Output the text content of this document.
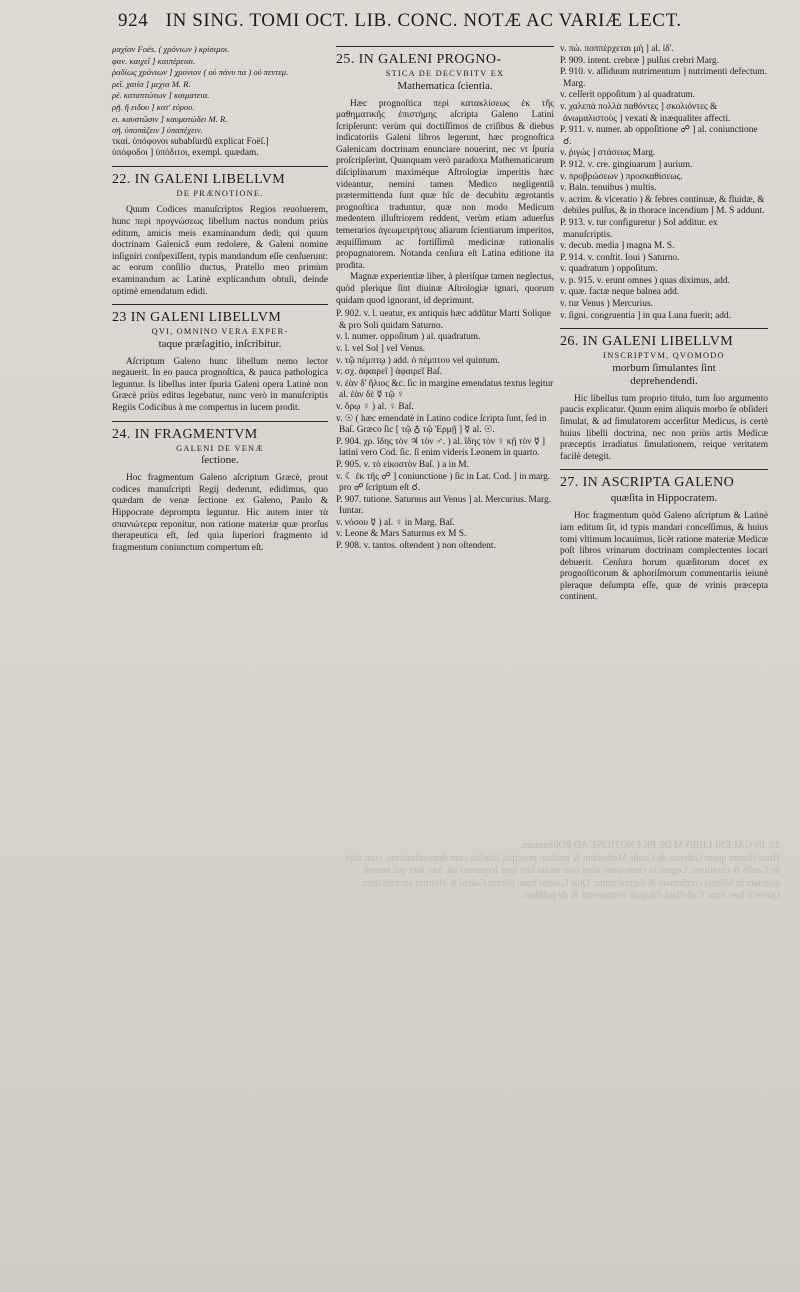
20. IN GALENI LIBRVM DE PRÆNOTIONE AD POſthumum.

Hunc librum quem Galenus de Cauſis Methodum & modum præcipit, libellus cum demonſtratione, cum alijs de Cauſis & curatione. Legunt in contexibus alias quæ multa ſunt quæ ſequuntur ad. hæc ſunt qui nouent quædam in hiſtoria confirmant & dignoſcuntur. Quæ Galeno hunc librum Galeni & aliorum auctoritatem. Quiescit hæc nunc Caſtellani diſcipuli continentur & de pulſibus.

924 IN SING. TOMI OCT. LIB. CONC. NOTÆ AC VARIÆ LECT.
μαχίαν Foës. ( χρόνιων ) κρίσιμοι.
φαν. καιχεῖ ] καιπέρειαι.
ῥαδίως χρόνιων ] χρονιον ( οὐ πάνυ πα ) οὐ πεντεμ.
ρεῖ. χαιία ] μεχια M. R.
ρέ. καταπτώτων ] καιματεια.
ρῇ. ἤ ειδου ] κατ' εὐρου.
ει. καυστῶσιν ] καυματώδει M. R.
σῆ. ὑποπάζειν ] ὑπαπέχειν.
τκαί. ὑπόφονοι subabſurdũ explicat Foëſ.]
ὑπόφοδοι ] ὑπόδιτοι, exempl. quædam.
22. IN GALENI LIBELLVM
DE PRÆNOTIONE.

Quum Codices manuſcriptos Regios reuoluerem, hunc περὶ προγνώσεως libellum nactus nondum priùs editum, amicis meis examinandum dedi; qui quum doctrinam Galenicã eum redolere, & Galeni nomine inſigniri conſpexiſſent, typis mandandum eſſe cenſuerunt: ac eorum conſilio ductus, Pratello meo primùm examinandum ac Latinè explicandum obtuli, deinde optimè emendatum edidi.

23 IN GALENI LIBELLVM
QVI, OMNINO VERA EXPER-
taque præſagitio, inſcribitur.

Aſcriptum Galeno hunc libellum nemo lector negauerit. In eo pauca prognoſtica, & pauca pathologica leguntur. Is libellus inter ſpuria Galeni opera Latinè non Græcè priùs editus legebatur, nunc verò in manuſcriptis Regiis Codicibus à me compertus in lucem prodit.

24. IN FRAGMENTVM
GALENI DE VENÆ
ſectione.

Hoc fragmentum Galeno aſcriptum Græcè, prout codices manuſcripti Regij dederunt, edidimus, quo quædam de venæ ſectione ex Galeno, Paulo & Hippocrate deprompta leguntur. Hic autem inter τὰ σπανιώτερα reponitur, non ratione materiæ quæ prorſus therapeutica eſt, ſed quia ſuperiori fragmento id fragmentum coniunctum compertum eſt.

25. IN GALENI PROGNO-
STICA DE DECVBITV EX
Mathematica ſcientia.

Hæc prognoſtica περὶ κατακλίσεως ἐκ τῆς μαθηματικῆς ἐπιστήμης aſcripta Galeno Latini ſcripſerunt: verùm qui doctiſſimos de criſibus & diebus indicatoriis Galeni libros legerunt, hæc prognoſtica Galenicam doctrinam enunciare nouerint, nec vt ſpuria proſcripſerint. Quanquam verò paradoxa Mathematicarum diſciplinarum maximéque Aſtrologiæ imperitis hæc videantur, nemini tamen Medico negligentiã prætermittenda ſunt quæ hîc de decubitu ægrotantis prognoſtica traduntur, quæ non modo Medicum medentem illuſtriorem reddent, verùm etiam aduerſus temerarios ἀγεωμετρήτους aliarum ſcientiarum imperitos, æquiſſimum ac fortiſſimũ medicinæ rationalis propugnatorem. Notanda cenſura eſt Latina editione ita prodita.

Magnæ experientiæ liber, à pleriſque tamen neglectus, quòd plerique ſint diuinæ Aſtrologiæ ignari, quorum quidam quod ignorant, id deprimunt.

P. 902. v. l. ueatur, ex antiquis hæc addũtur Marti Solique & pro Soli quidam Saturno.
v. l. numer. oppoſitum ) al. quadratum.
v. l. vel Sol ] vel Venus.
v. τῷ πέμπτῳ ) add. ὁ πέμπτου vel quintum.
v. σχ. ἀφαιρεῖ ] ἀφαιρεῖ Baſ.
v. ἐὰν δ' ἤλιος &c. ſic in margine emendatus textus legitur al. ἐὰν δὲ ☿ τῷ ♀
v. ὅρῳ ♀ ) al. ♀ Baſ.
v. ☉ ( hæc emendatè in Latino codice ſcripta ſunt, ſed in Baſ. Græco ſic [ τῷ ♁ τῷ Ἑρμῇ ] ☿ al. ☉.
P. 904. χρ. ἴδης τὸν ♃ τὸν ♂. ) al. ἴδης τὸν ♀ κῇ τὸν ☿ ] latini vero Cod. ſic. ſi enim videris Leonem in quarto.
P. 905. v. τὸ εἰκοστὸν Baſ. ) a in M.
v. ☾ ἐκ τῆς ☍ ] coniunctione ) ſic in Lat. Cod. ] in marg. pro ☍ ſcriptum eſt ☌.
P. 907. tutione. Saturnus aut Venus ] al. Mercurius. Marg. Iuntar.
v. νόσου ☿ ) al. ♀ in Marg. Baſ.
v. Leone & Mars Saturnus ex M S.
P. 908. v. tantos. oſtendent ) non oſtendent.
v. πὼ. ποππέρχεται μὴ ] al. ἰδ'.
P. 909. intent. crebræ ] pulſus crebri Marg.
P. 910. v. aſſiduum nutrimentum ] nutrimenti defectum. Marg.
v. ceſſerit oppoſitum ) al quadratum.
v. χαλεπὰ πολλὰ παθόντες ] σκολιόντες & ἀνωμαλιστοὺς ] vexati & inæqualiter affecti.
P. 911. v. numer. ab oppoſitione ☍ ] al. coniunctione ☌.
v. ῥιγώς ] στάσεως Marg.
P. 912. v. cre. gingiuarum ] aurium.
v. προβρώσεων ) προσκαθίσεως.
v. Baln. tenuibus ) multis.
v. acrim. & vlceratio ) & febres continuæ, & fluidæ, & debiles pulſus, & in thorace incendium ] M. S addunt.
P. 913. v. tur configuretur ) Sol additur. ex manuſcriptis.
v. decub. media ] magna M. S.
P. 914. v. conſtit. Ioui ) Saturno.
v. quadratum ) oppoſitum.
v. p. 915. v. erunt omnes ) quas diximus, add.
v. quæ. factæ neque balnea add.
v. tur Venus ) Mercurius.
v. ſigni. congruentia ] in qua Luna fuerit; add.
26. IN GALENI LIBELLVM
INSCRIPTVM, QVOMODO
morbum ſimulantes ſint
deprehendendi.

Hic libellus tum proprio titulo, tum ſuo argumento paucis explicatur. Quum enim aliquis morbo ſe obſideri ſimulat, & ad ſimulatorem accerſitur Medicus, is certè huius libelli doctrina, nec non priùs artis Medicæ præceptis irradiatus ſimulationem, reique veritatem facilè detegit.

27. IN ASCRIPTA GALENO
quæſita in Hippocratem.

Hoc fragmentum quòd Galeno aſcriptum & Latinè iam editum ſit, id typis mandari conceſſimus, & huius tomi vltimum locauimus, licèt ratione materiæ Medicæ poſt libros vrinarum doctrinam complectentes locari debuerit. Cenſura horum quæſitorum docet ex prognoſticorum & aphoriſmorum commentariis ieiunè pleraque deſumpta eſſe, quæ de vrinis præcepta continent.
